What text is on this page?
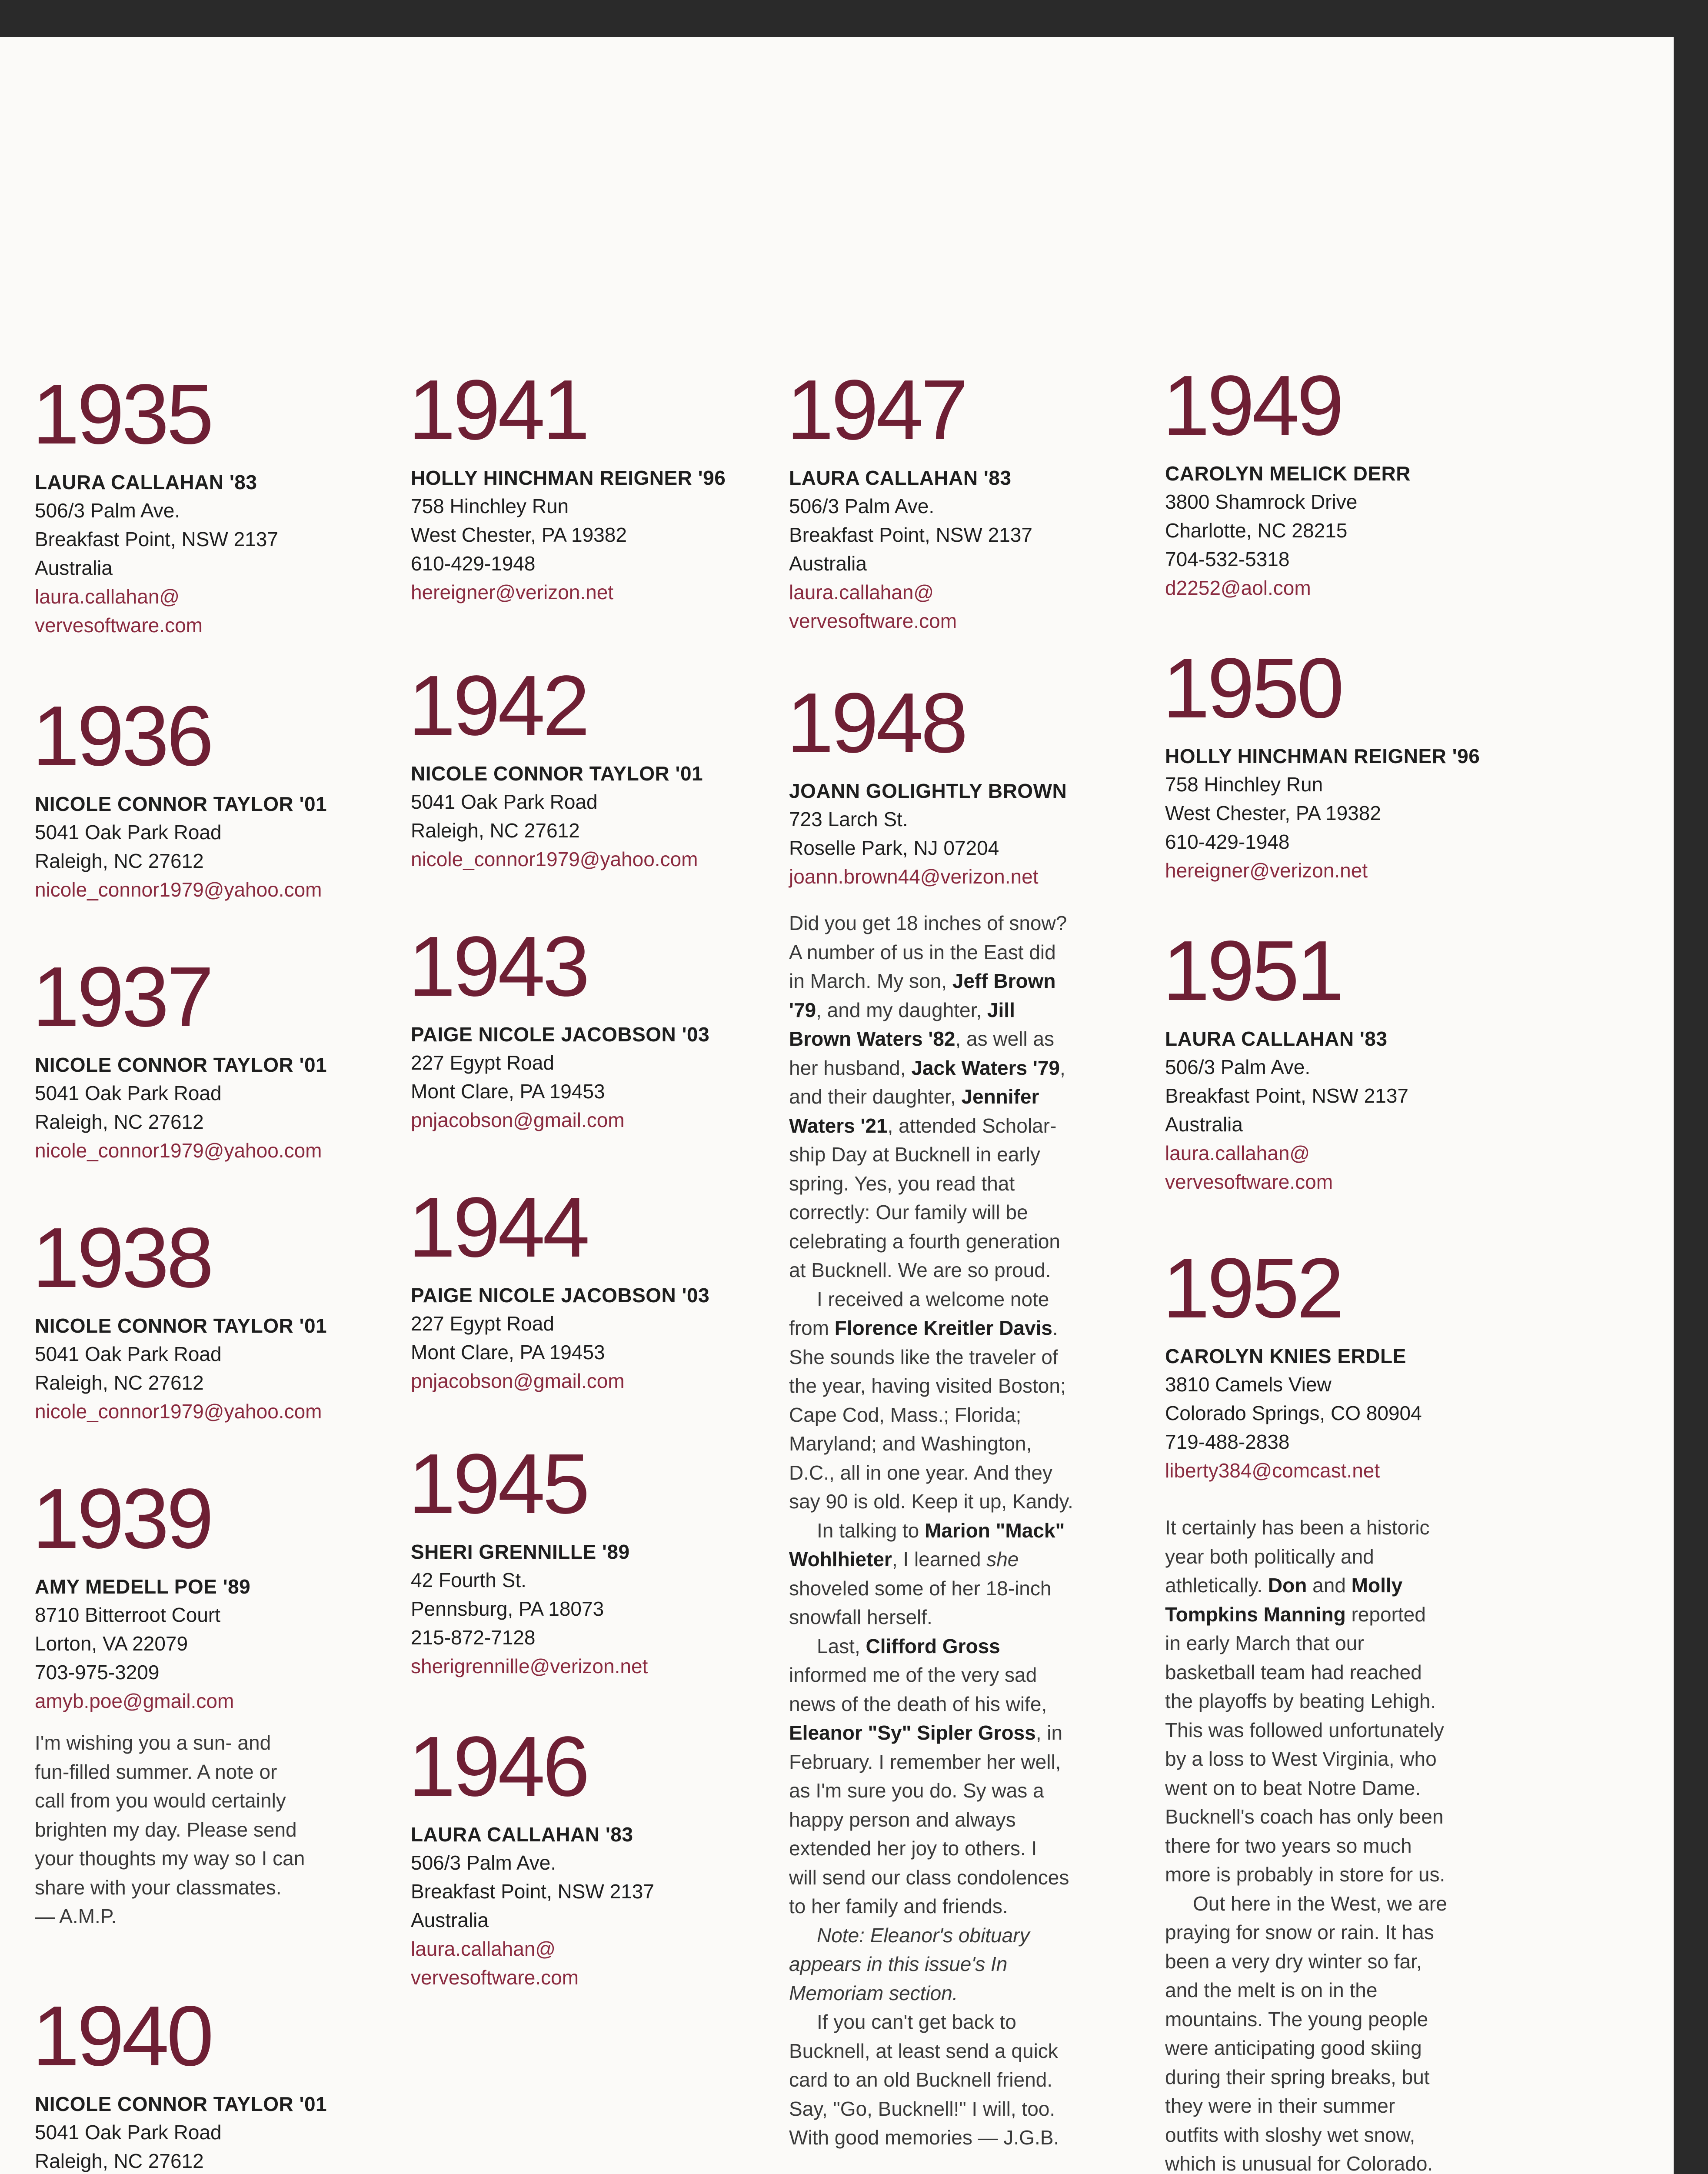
1935
LAURA CALLAHAN '83
506/3 Palm Ave.
Breakfast Point, NSW 2137
Australia
laura.callahan@
vervesoftware.com
1936
NICOLE CONNOR TAYLOR '01
5041 Oak Park Road
Raleigh, NC 27612
nicole_connor1979@yahoo.com
1937
NICOLE CONNOR TAYLOR '01
5041 Oak Park Road
Raleigh, NC 27612
nicole_connor1979@yahoo.com
1938
NICOLE CONNOR TAYLOR '01
5041 Oak Park Road
Raleigh, NC 27612
nicole_connor1979@yahoo.com
1939
AMY MEDELL POE '89
8710 Bitterroot Court
Lorton, VA 22079
703-975-3209
amyb.poe@gmail.com
1940
NICOLE CONNOR TAYLOR '01
5041 Oak Park Road
Raleigh, NC 27612

I'm wishing you a sun- and
fun-filled summer. A note or
call from you would certainly
brighten my day. Please send
your thoughts my way so I can
share with your classmates.
— A.M.P.

1941
HOLLY HINCHMAN REIGNER '96
758 Hinchley Run
West Chester, PA 19382
610-429-1948
hereigner@verizon.net
1942
NICOLE CONNOR TAYLOR '01
5041 Oak Park Road
Raleigh, NC 27612
nicole_connor1979@yahoo.com
1943
PAIGE NICOLE JACOBSON '03
227 Egypt Road
Mont Clare, PA 19453
pnjacobson@gmail.com
1944
PAIGE NICOLE JACOBSON '03
227 Egypt Road
Mont Clare, PA 19453
pnjacobson@gmail.com
1945
SHERI GRENNILLE '89
42 Fourth St.
Pennsburg, PA 18073
215-872-7128
sherigrennille@verizon.net
1946
LAURA CALLAHAN '83
506/3 Palm Ave.
Breakfast Point, NSW 2137
Australia
laura.callahan@
vervesoftware.com
1947
LAURA CALLAHAN '83
506/3 Palm Ave.
Breakfast Point, NSW 2137
Australia
laura.callahan@
vervesoftware.com
1948
JOANN GOLIGHTLY BROWN
723 Larch St.
Roselle Park, NJ 07204
joann.brown44@verizon.net

Did you get 18 inches of snow?
A number of us in the East did
in March. My son, Jeff Brown
'79, and my daughter, Jill
Brown Waters '82, as well as
her husband, Jack Waters '79,
and their daughter, Jennifer
Waters '21, attended Scholar-
ship Day at Bucknell in early
spring. Yes, you read that
correctly: Our family will be
celebrating a fourth generation
at Bucknell. We are so proud.

I received a welcome note
from Florence Kreitler Davis.
She sounds like the traveler of
the year, having visited Boston;
Cape Cod, Mass.; Florida;
Maryland; and Washington,
D.C., all in one year. And they
say 90 is old. Keep it up, Kandy.

In talking to Marion "Mack"
Wohlhieter, I learned she
shoveled some of her 18-inch
snowfall herself.

Last, Clifford Gross
informed me of the very sad
news of the death of his wife,
Eleanor "Sy" Sipler Gross, in
February. I remember her well,
as I'm sure you do. Sy was a
happy person and always
extended her joy to others. I
will send our class condolences
to her family and friends.

Note: Eleanor's obituary
appears in this issue's In
Memoriam section.

If you can't get back to
Bucknell, at least send a quick
card to an old Bucknell friend.
Say, "Go, Bucknell!" I will, too.
With good memories — J.G.B.

1949
CAROLYN MELICK DERR
3800 Shamrock Drive
Charlotte, NC 28215
704-532-5318
d2252@aol.com
1950
HOLLY HINCHMAN REIGNER '96
758 Hinchley Run
West Chester, PA 19382
610-429-1948
hereigner@verizon.net
1951
LAURA CALLAHAN '83
506/3 Palm Ave.
Breakfast Point, NSW 2137
Australia
laura.callahan@
vervesoftware.com
1952
CAROLYN KNIES ERDLE
3810 Camels View
Colorado Springs, CO 80904
719-488-2838
liberty384@comcast.net

It certainly has been a historic
year both politically and
athletically. Don and Molly
Tompkins Manning reported
in early March that our
basketball team had reached
the playoffs by beating Lehigh.
This was followed unfortunately
by a loss to West Virginia, who
went on to beat Notre Dame.
Bucknell's coach has only been
there for two years so much
more is probably in store for us.

Out here in the West, we are
praying for snow or rain. It has
been a very dry winter so far,
and the melt is on in the
mountains. The young people
were anticipating good skiing
during their spring breaks, but
they were in their summer
outfits with sloshy wet snow,
which is unusual for Colorado.
